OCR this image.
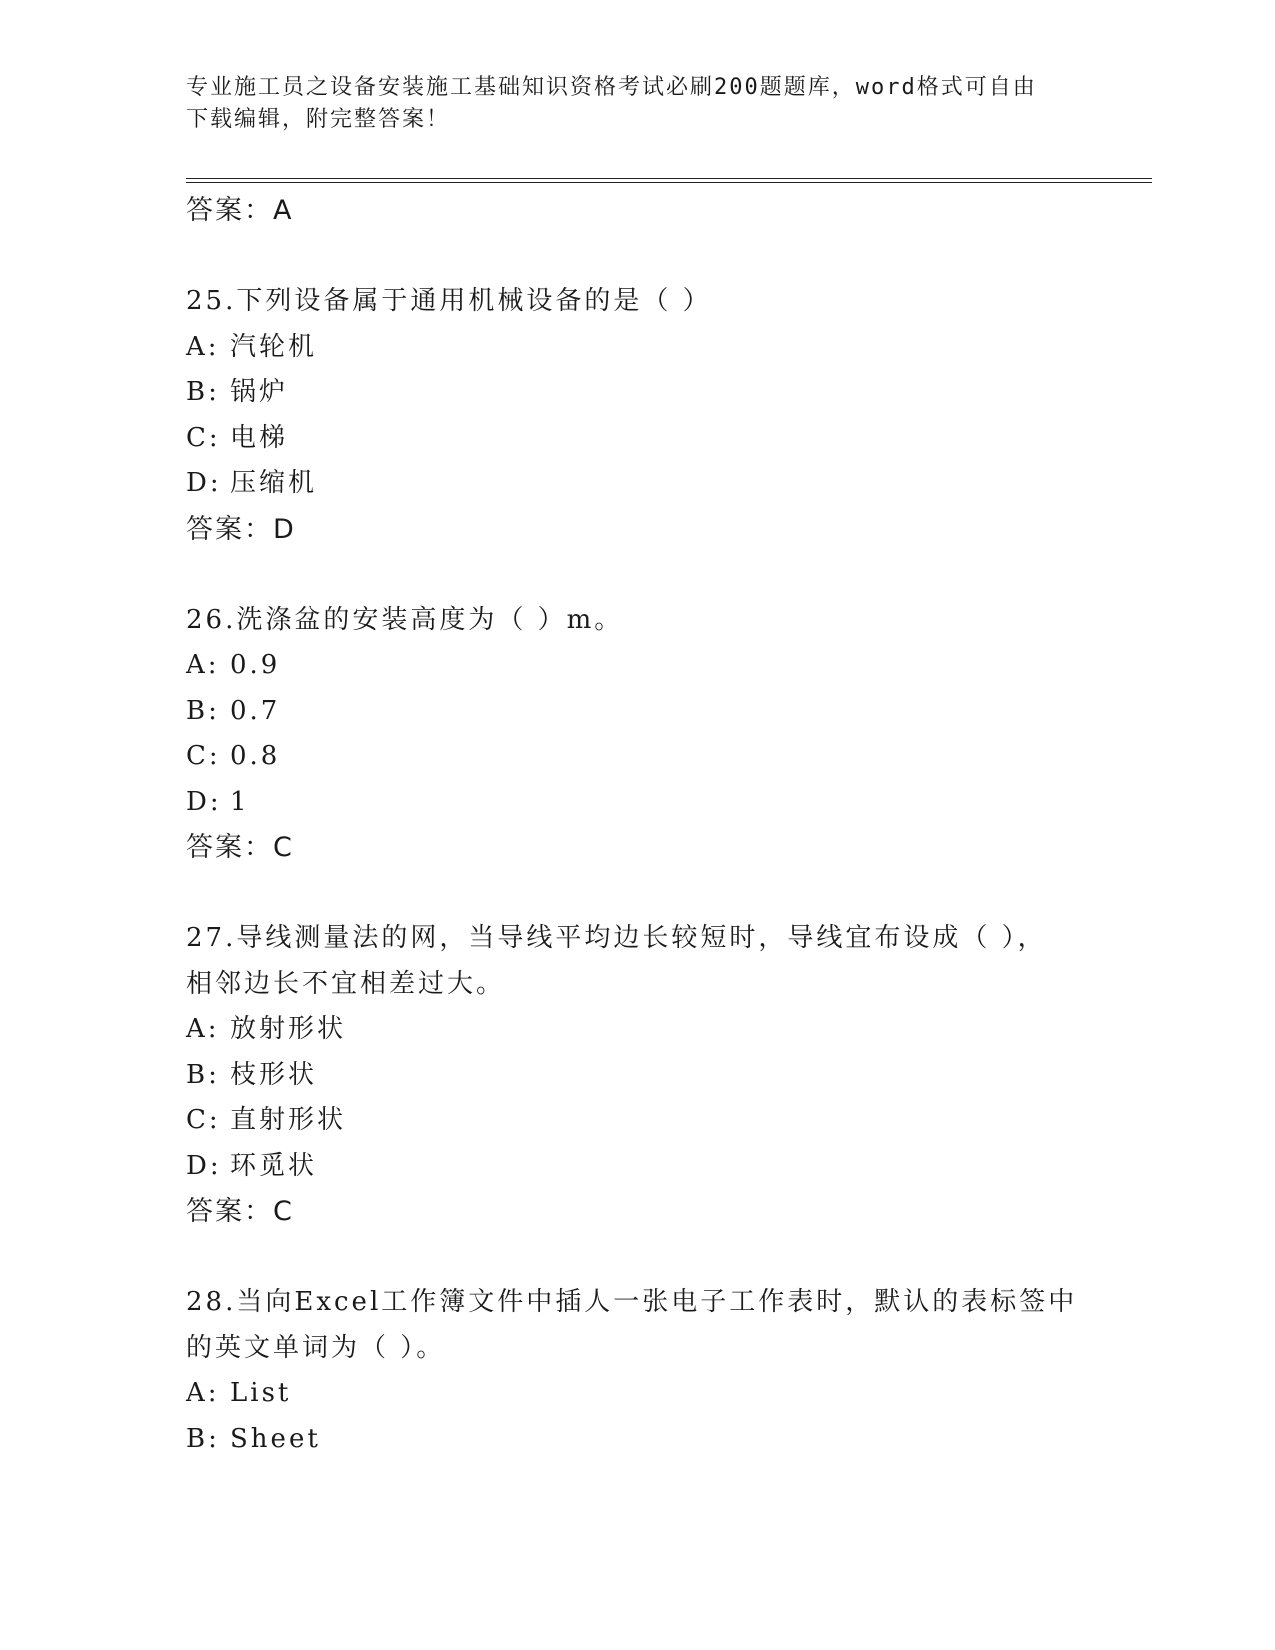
专业施工员之设备安装施工基础知识资格考试必刷200题题库，word格式可自由
下载编辑，附完整答案！
答案：A
25.下列设备属于通用机械设备的是（ ）
A: 汽轮机
B: 锅炉
C: 电梯
D: 压缩机
答案：D
26.洗涤盆的安装高度为（ ）m。
A: 0.9
B: 0.7
C: 0.8
D: 1
答案：C
27.导线测量法的网，当导线平均边长较短时，导线宜布设成（ ），
相邻边长不宜相差过大。
A: 放射形状
B: 枝形状
C: 直射形状
D: 环觅状
答案：C
28.当向Excel工作簿文件中插人一张电子工作表时，默认的表标签中
的英文单词为（ ）。
A: List
B: Sheet
